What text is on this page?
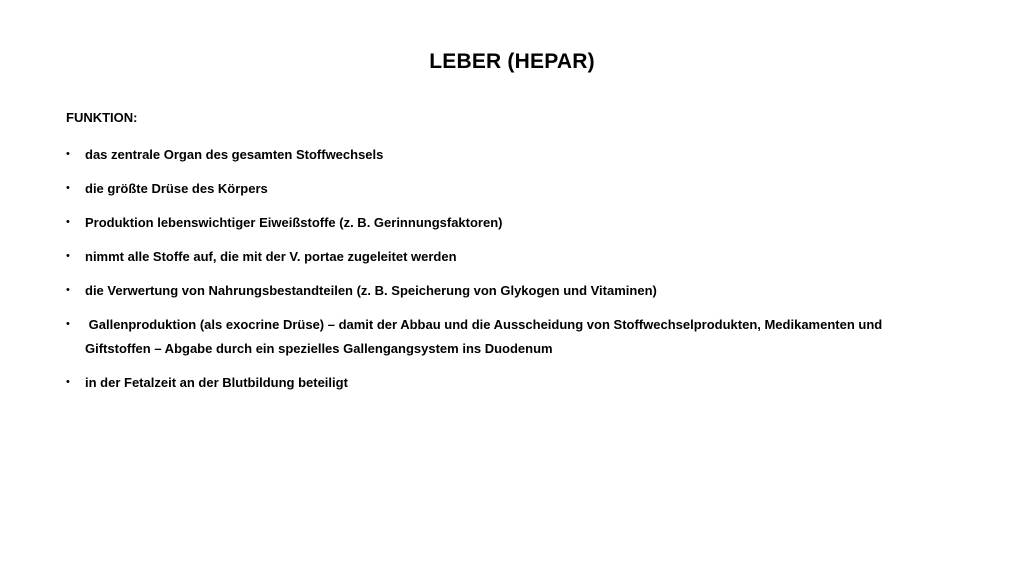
LEBER (HEPAR)
FUNKTION:
• das zentrale Organ des gesamten Stoffwechsels
• die größte Drüse des Körpers
• Produktion lebenswichtiger Eiweißstoffe (z. B. Gerinnungsfaktoren)
• nimmt alle Stoffe auf, die mit der V. portae zugeleitet werden
• die Verwertung von Nahrungsbestandteilen (z. B. Speicherung von Glykogen und Vitaminen)
• Gallenproduktion (als exocrine Drüse) – damit der Abbau und die Ausscheidung von Stoffwechselprodukten, Medikamenten und Giftstoffen – Abgabe durch ein spezielles Gallengangsystem ins Duodenum
• in der Fetalzeit an der Blutbildung beteiligt
